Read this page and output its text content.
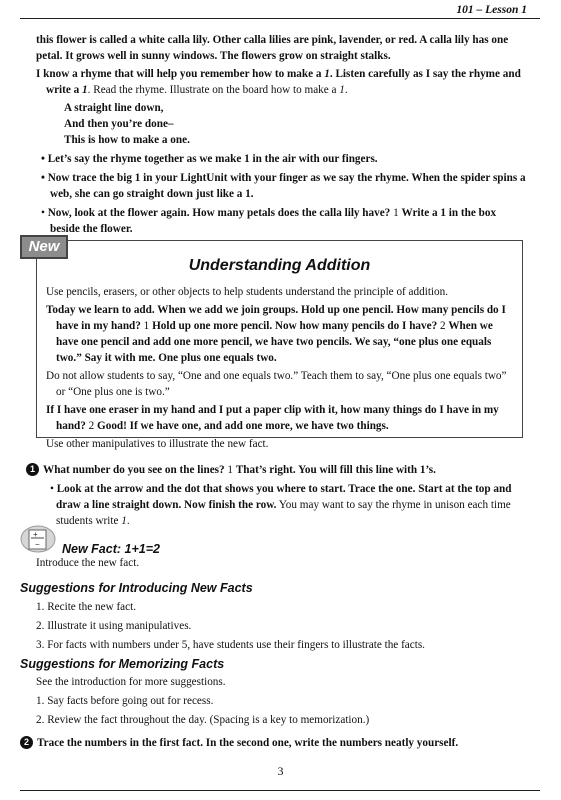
101 – Lesson 1

this flower is called a white calla lily. Other calla lilies are pink, lavender, or red. A calla lily has one petal. It grows well in sunny windows. The flowers grow on straight stalks.

I know a rhyme that will help you remember how to make a 1. Listen carefully as I say the rhyme and write a 1. Read the rhyme. Illustrate on the board how to make a 1.

A straight line down,

And then you’re done–

This is how to make a one.

• Let’s say the rhyme together as we make 1 in the air with our fingers.

• Now trace the big 1 in your LightUnit with your finger as we say the rhyme. When the spider spins a web, she can go straight down just like a 1.

• Now, look at the flower again. How many petals does the calla lily have? 1 Write a 1 in the box beside the flower.

New
Understanding Addition

Use pencils, erasers, or other objects to help students understand the principle of addition.

Today we learn to add. When we add we join groups. Hold up one pencil. How many pencils do I have in my hand? 1 Hold up one more pencil. Now how many pencils do I have? 2 When we have one pencil and add one more pencil, we have two pencils. We say, “one plus one equals two.” Say it with me. One plus one equals two.

Do not allow students to say, “One and one equals two.” Teach them to say, “One plus one equals two” or “One plus one is two.”

If I have one eraser in my hand and I put a paper clip with it, how many things do I have in my hand? 2 Good! If we have one, and add one more, we have two things.

Use other manipulatives to illustrate the new fact.

1 What number do you see on the lines? 1 That’s right. You will fill this line with 1’s.

• Look at the arrow and the dot that shows you where to start. Trace the one. Start at the top and draw a line straight down. Now finish the row. You may want to say the rhyme in unison each time students write 1.

+
− New Fact: 1+1=2
Introduce the new fact.
Suggestions for Introducing New Facts

1. Recite the new fact.

2. Illustrate it using manipulatives.

3. For facts with numbers under 5, have students use their fingers to illustrate the facts.

Suggestions for Memorizing Facts

See the introduction for more suggestions.

1. Say facts before going out for recess.

2. Review the fact throughout the day. (Spacing is a key to memorization.)

2 Trace the numbers in the first fact. In the second one, write the numbers neatly yourself.
3
